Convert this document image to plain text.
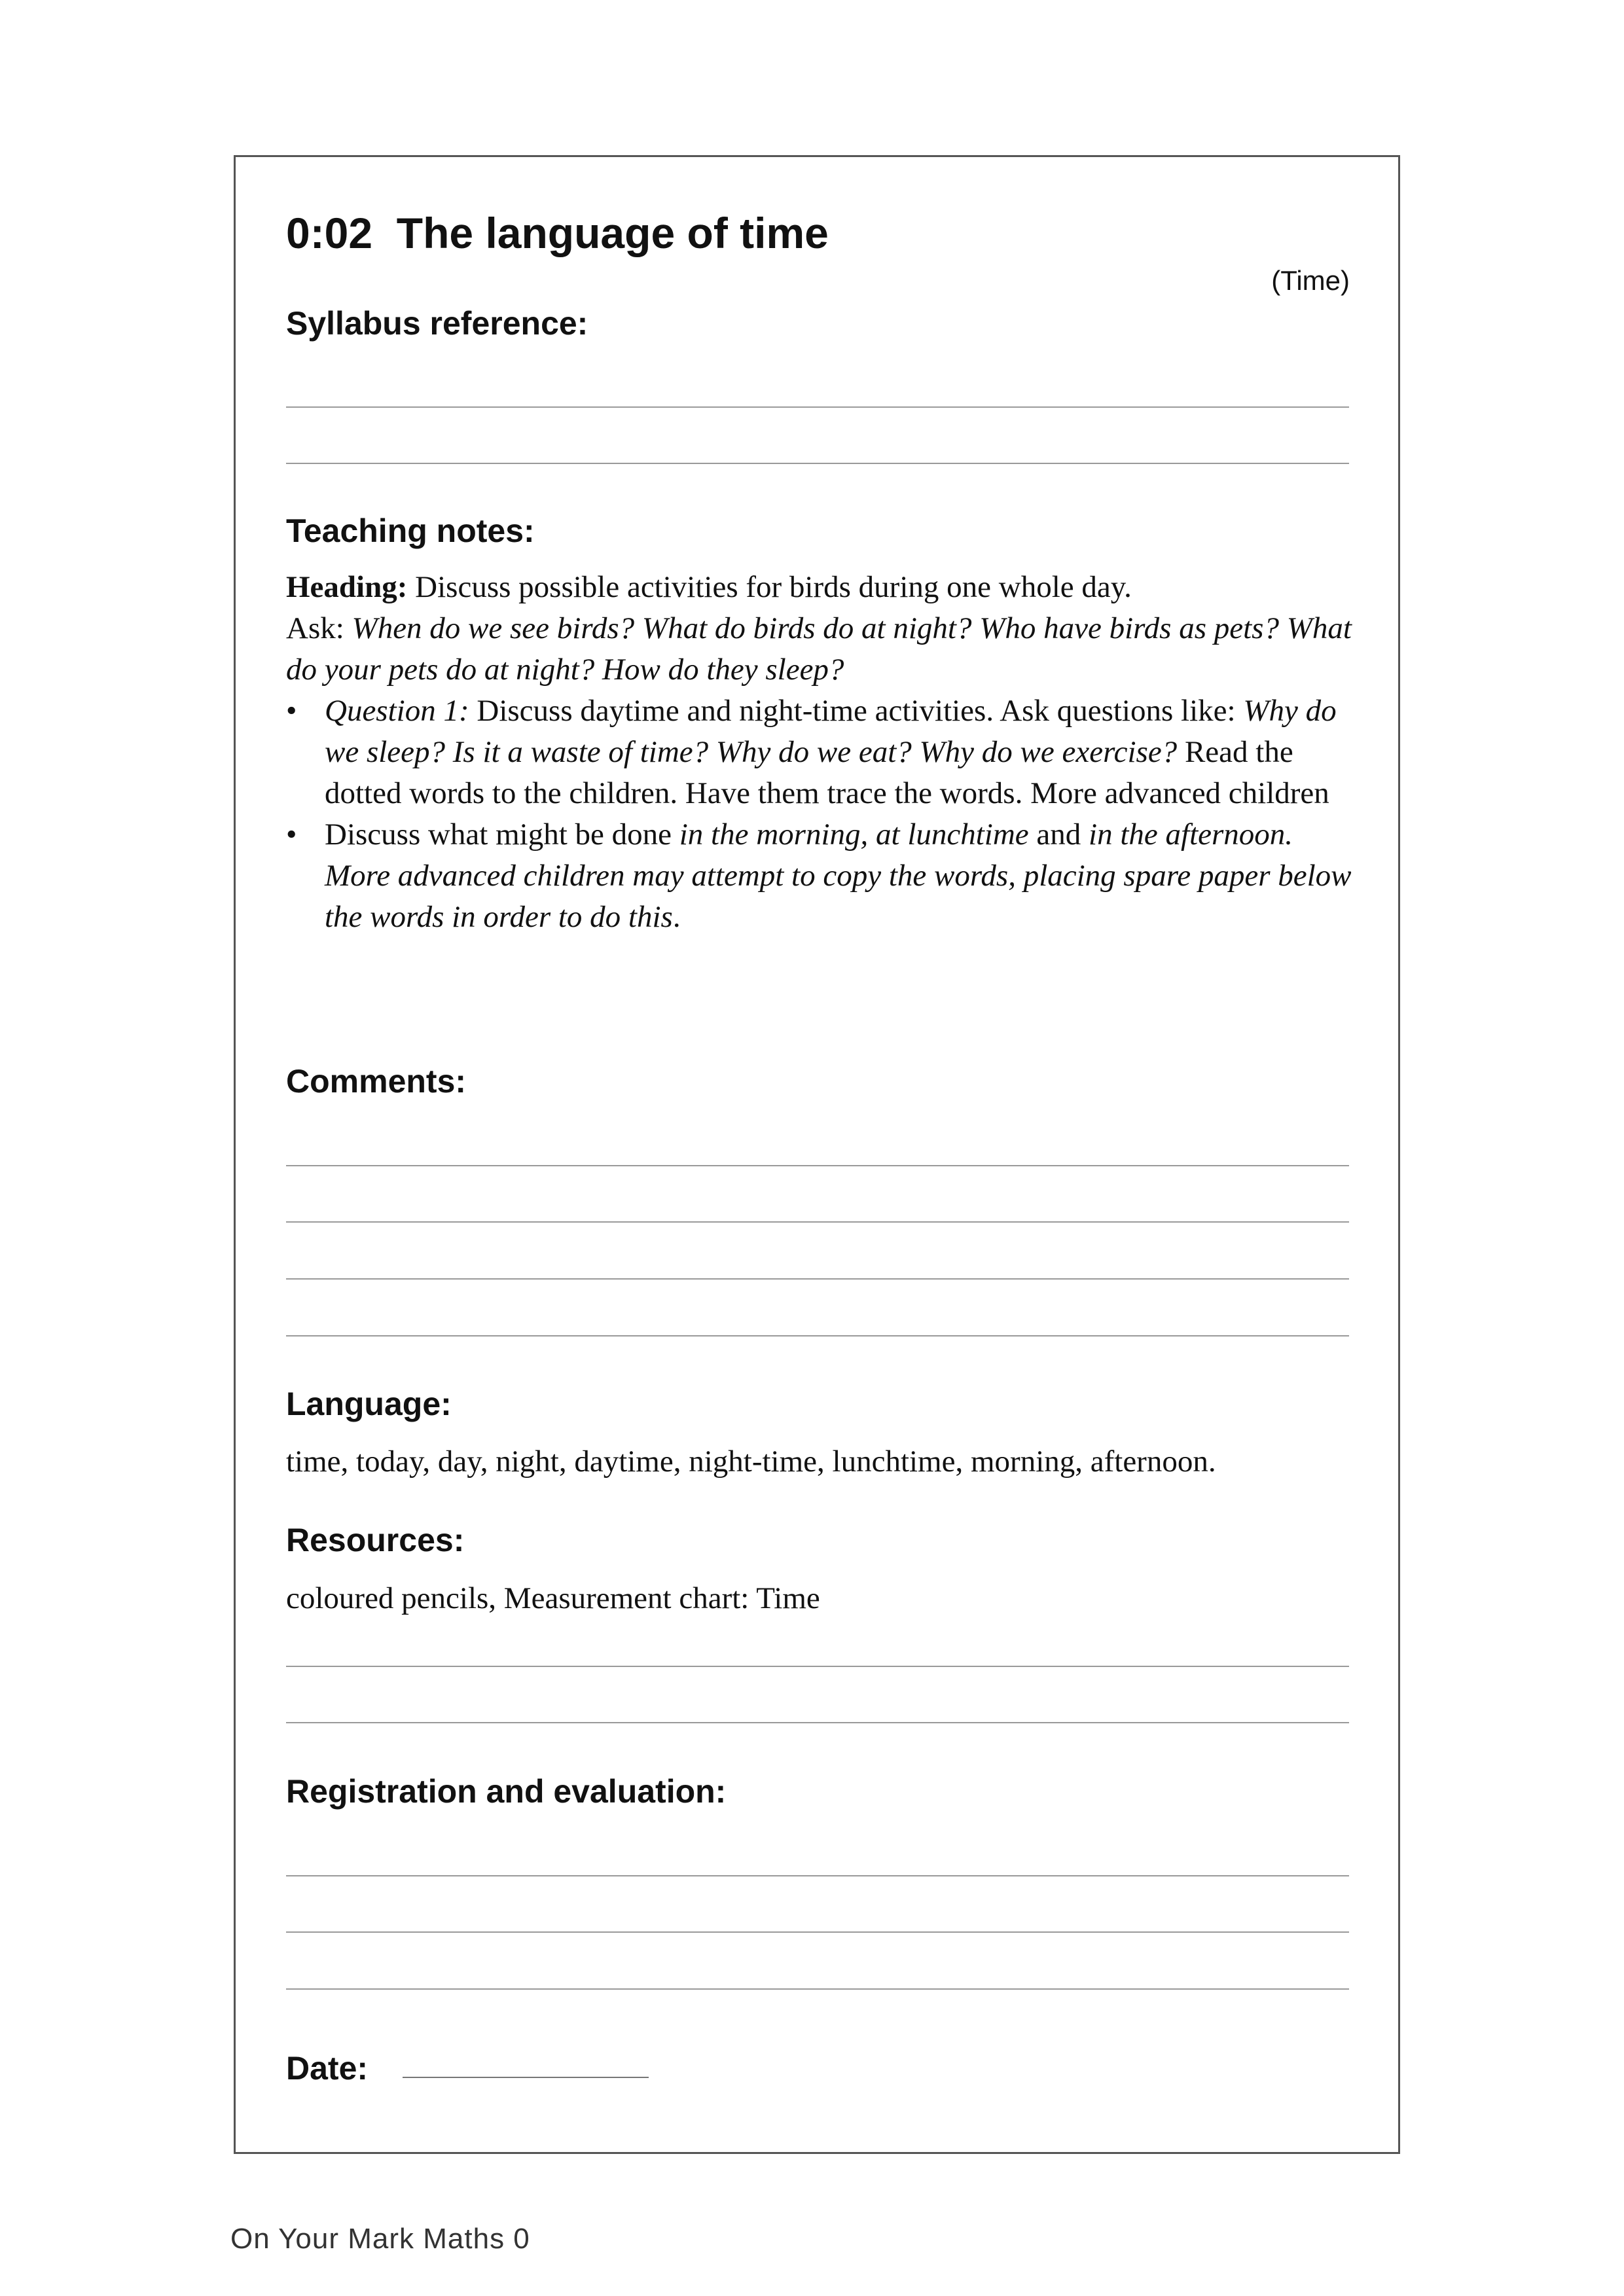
0:02  The language of time
(Time)
Syllabus reference:
Teaching notes:

Heading: Discuss possible activities for birds during one whole day.

Ask: When do we see birds? What do birds do at night? Who have birds as pets? What do your pets do at night? How do they sleep?

• Question 1: Discuss daytime and night-time activities. Ask questions like: Why do we sleep? Is it a waste of time? Why do we eat? Why do we exercise? Read the dotted words to the children. Have them trace the words. More advanced children
• Discuss what might be done in the morning, at lunchtime and in the afternoon. More advanced children may attempt to copy the words, placing spare paper below the words in order to do this.
Comments:
Language:
time, today, day, night, daytime, night-time, lunchtime, morning, afternoon.
Resources:
coloured pencils, Measurement chart: Time
Registration and evaluation:
Date:
On Your Mark Maths 0
